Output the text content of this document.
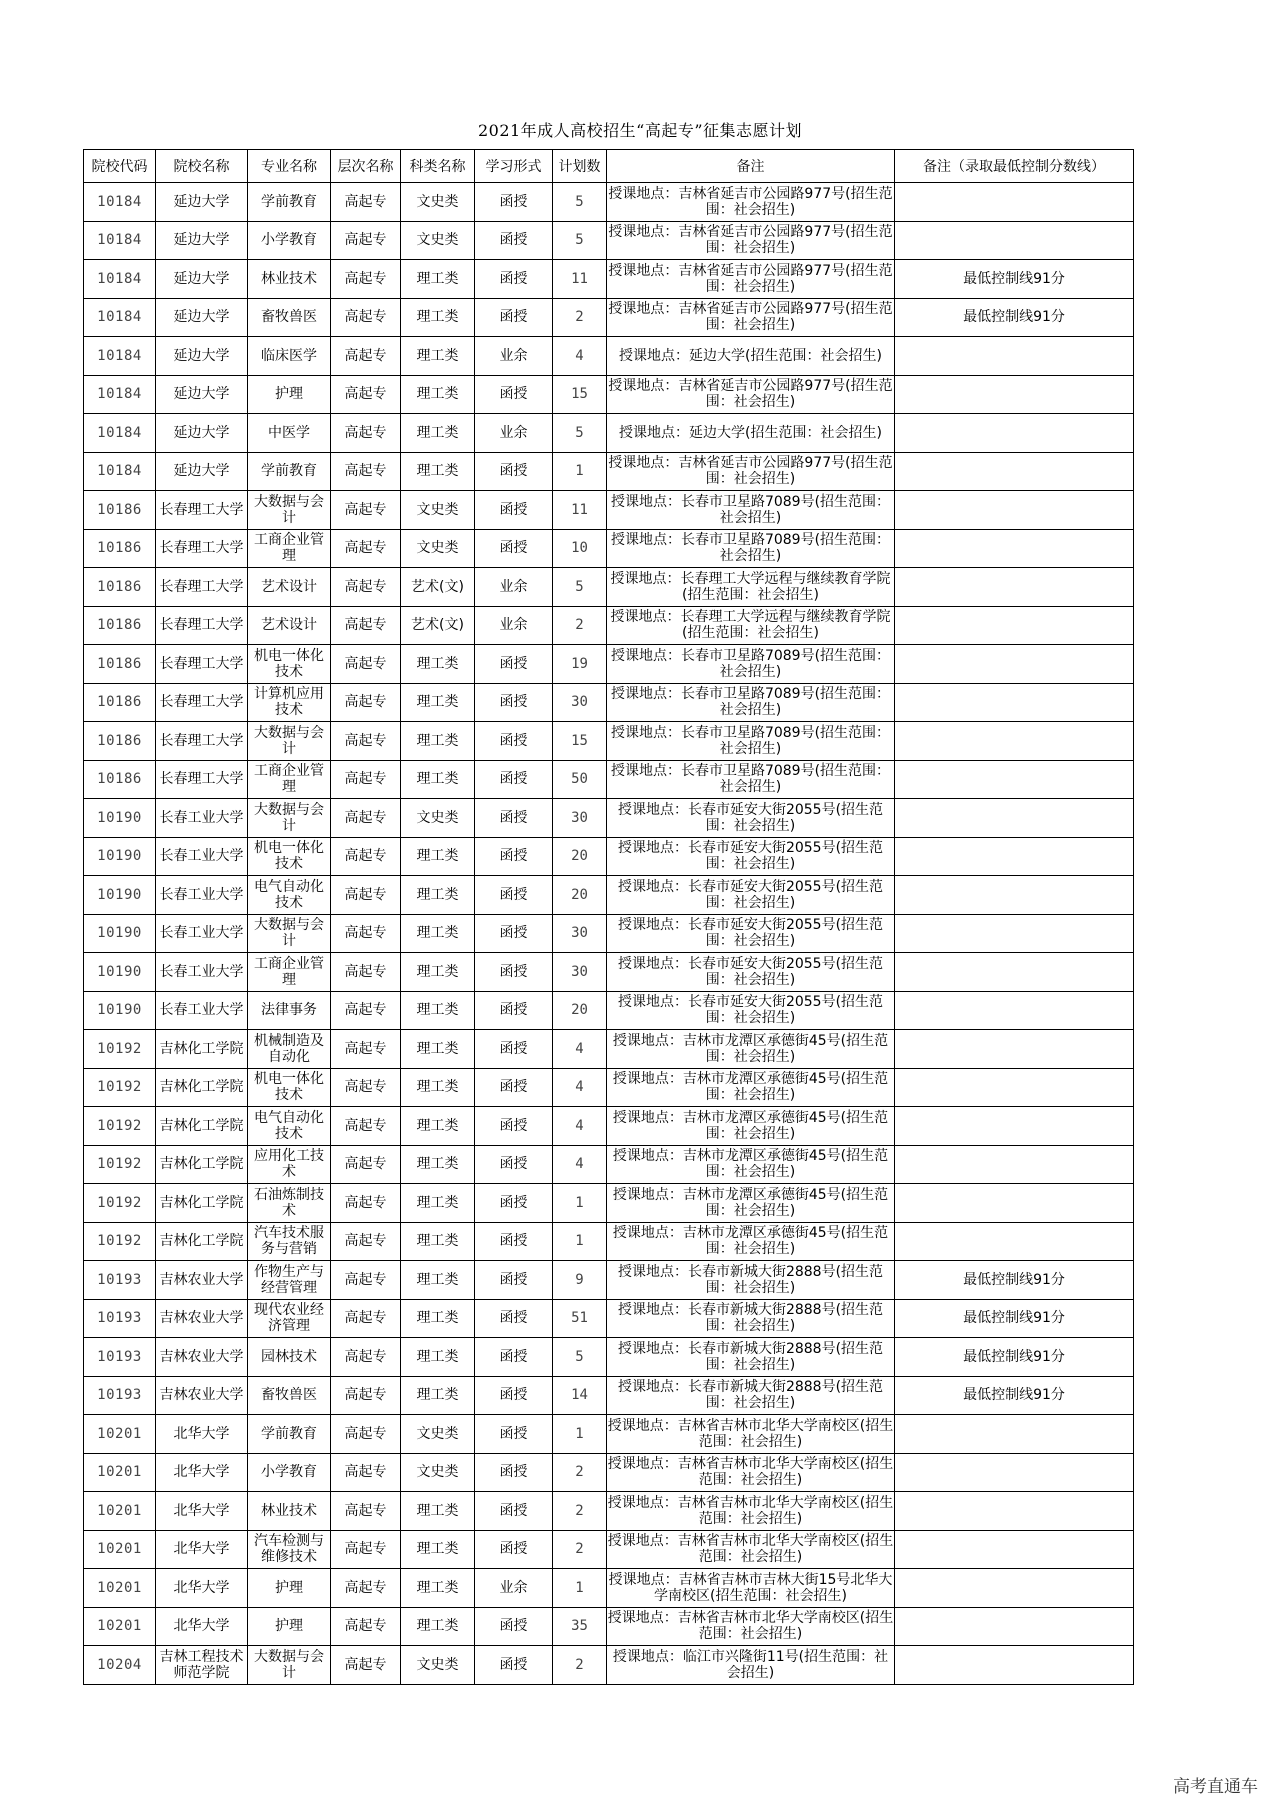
2021年成人高校招生“高起专”征集志愿计划
院校代码	院校名称	专业名称	层次名称	科类名称	学习形式	计划数	备注	备注（录取最低控制分数线）
10184	延边大学	学前教育	高起专	文史类	函授	5	授课地点：吉林省延吉市公园路977号(招生范围：社会招生)	
10184	延边大学	小学教育	高起专	文史类	函授	5	授课地点：吉林省延吉市公园路977号(招生范围：社会招生)	
10184	延边大学	林业技术	高起专	理工类	函授	11	授课地点：吉林省延吉市公园路977号(招生范围：社会招生)	最低控制线91分
10184	延边大学	畜牧兽医	高起专	理工类	函授	2	授课地点：吉林省延吉市公园路977号(招生范围：社会招生)	最低控制线91分
10184	延边大学	临床医学	高起专	理工类	业余	4	授课地点：延边大学(招生范围：社会招生)	
10184	延边大学	护理	高起专	理工类	函授	15	授课地点：吉林省延吉市公园路977号(招生范围：社会招生)	
10184	延边大学	中医学	高起专	理工类	业余	5	授课地点：延边大学(招生范围：社会招生)	
10184	延边大学	学前教育	高起专	理工类	函授	1	授课地点：吉林省延吉市公园路977号(招生范围：社会招生)	
10186	长春理工大学	大数据与会计	高起专	文史类	函授	11	授课地点：长春市卫星路7089号(招生范围：社会招生)	
10186	长春理工大学	工商企业管理	高起专	文史类	函授	10	授课地点：长春市卫星路7089号(招生范围：社会招生)	
10186	长春理工大学	艺术设计	高起专	艺术(文)	业余	5	授课地点：长春理工大学远程与继续教育学院(招生范围：社会招生)	
10186	长春理工大学	艺术设计	高起专	艺术(文)	业余	2	授课地点：长春理工大学远程与继续教育学院(招生范围：社会招生)	
10186	长春理工大学	机电一体化技术	高起专	理工类	函授	19	授课地点：长春市卫星路7089号(招生范围：社会招生)	
10186	长春理工大学	计算机应用技术	高起专	理工类	函授	30	授课地点：长春市卫星路7089号(招生范围：社会招生)	
10186	长春理工大学	大数据与会计	高起专	理工类	函授	15	授课地点：长春市卫星路7089号(招生范围：社会招生)	
10186	长春理工大学	工商企业管理	高起专	理工类	函授	50	授课地点：长春市卫星路7089号(招生范围：社会招生)	
10190	长春工业大学	大数据与会计	高起专	文史类	函授	30	授课地点：长春市延安大街2055号(招生范围：社会招生)	
10190	长春工业大学	机电一体化技术	高起专	理工类	函授	20	授课地点：长春市延安大街2055号(招生范围：社会招生)	
10190	长春工业大学	电气自动化技术	高起专	理工类	函授	20	授课地点：长春市延安大街2055号(招生范围：社会招生)	
10190	长春工业大学	大数据与会计	高起专	理工类	函授	30	授课地点：长春市延安大街2055号(招生范围：社会招生)	
10190	长春工业大学	工商企业管理	高起专	理工类	函授	30	授课地点：长春市延安大街2055号(招生范围：社会招生)	
10190	长春工业大学	法律事务	高起专	理工类	函授	20	授课地点：长春市延安大街2055号(招生范围：社会招生)	
10192	吉林化工学院	机械制造及自动化	高起专	理工类	函授	4	授课地点：吉林市龙潭区承德街45号(招生范围：社会招生)	
10192	吉林化工学院	机电一体化技术	高起专	理工类	函授	4	授课地点：吉林市龙潭区承德街45号(招生范围：社会招生)	
10192	吉林化工学院	电气自动化技术	高起专	理工类	函授	4	授课地点：吉林市龙潭区承德街45号(招生范围：社会招生)	
10192	吉林化工学院	应用化工技术	高起专	理工类	函授	4	授课地点：吉林市龙潭区承德街45号(招生范围：社会招生)	
10192	吉林化工学院	石油炼制技术	高起专	理工类	函授	1	授课地点：吉林市龙潭区承德街45号(招生范围：社会招生)	
10192	吉林化工学院	汽车技术服务与营销	高起专	理工类	函授	1	授课地点：吉林市龙潭区承德街45号(招生范围：社会招生)	
10193	吉林农业大学	作物生产与经营管理	高起专	理工类	函授	9	授课地点：长春市新城大街2888号(招生范围：社会招生)	最低控制线91分
10193	吉林农业大学	现代农业经济管理	高起专	理工类	函授	51	授课地点：长春市新城大街2888号(招生范围：社会招生)	最低控制线91分
10193	吉林农业大学	园林技术	高起专	理工类	函授	5	授课地点：长春市新城大街2888号(招生范围：社会招生)	最低控制线91分
10193	吉林农业大学	畜牧兽医	高起专	理工类	函授	14	授课地点：长春市新城大街2888号(招生范围：社会招生)	最低控制线91分
10201	北华大学	学前教育	高起专	文史类	函授	1	授课地点：吉林省吉林市北华大学南校区(招生范围：社会招生)	
10201	北华大学	小学教育	高起专	文史类	函授	2	授课地点：吉林省吉林市北华大学南校区(招生范围：社会招生)	
10201	北华大学	林业技术	高起专	理工类	函授	2	授课地点：吉林省吉林市北华大学南校区(招生范围：社会招生)	
10201	北华大学	汽车检测与维修技术	高起专	理工类	函授	2	授课地点：吉林省吉林市北华大学南校区(招生范围：社会招生)	
10201	北华大学	护理	高起专	理工类	业余	1	授课地点：吉林省吉林市吉林大街15号北华大学南校区(招生范围：社会招生)	
10201	北华大学	护理	高起专	理工类	函授	35	授课地点：吉林省吉林市北华大学南校区(招生范围：社会招生)	
10204	吉林工程技术师范学院	大数据与会计	高起专	文史类	函授	2	授课地点：临江市兴隆街11号(招生范围：社会招生)	
高考直通车
